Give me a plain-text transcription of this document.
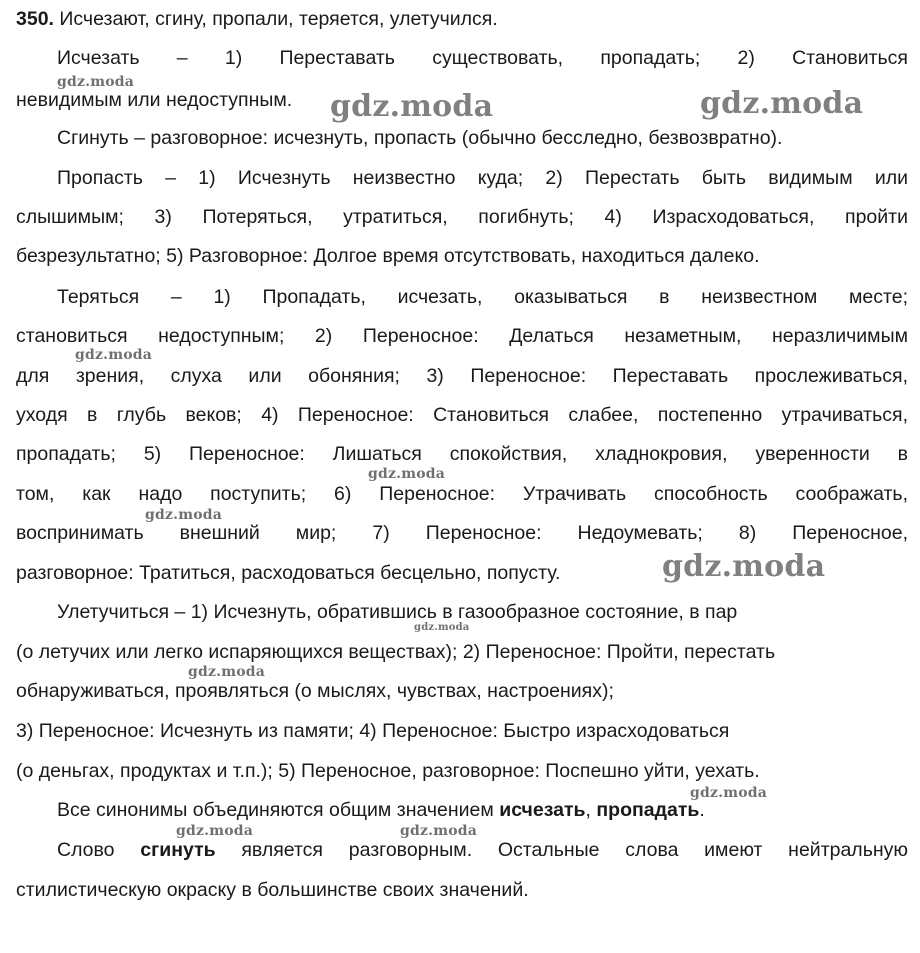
350. Исчезают, сгину, пропали, теряется, улетучился.
Исчезать – 1) Переставать существовать, пропадать; 2) Становиться
невидимым или недоступным.
Сгинуть – разговорное: исчезнуть, пропасть (обычно бесследно, безвозвратно).
Пропасть – 1) Исчезнуть неизвестно куда; 2) Перестать быть видимым или
слышимым; 3) Потеряться, утратиться, погибнуть; 4) Израсходоваться, пройти
безрезультатно; 5) Разговорное: Долгое время отсутствовать, находиться далеко.
Теряться – 1) Пропадать, исчезать, оказываться в неизвестном месте;
становиться недоступным; 2) Переносное: Делаться незаметным, неразличимым
для зрения, слуха или обоняния; 3) Переносное: Переставать прослеживаться,
уходя в глубь веков; 4) Переносное: Становиться слабее, постепенно утрачиваться,
пропадать; 5) Переносное: Лишаться спокойствия, хладнокровия, уверенности в
том, как надо поступить; 6) Переносное: Утрачивать способность соображать,
воспринимать внешний мир; 7) Переносное: Недоумевать; 8) Переносное,
разговорное: Тратиться, расходоваться бесцельно, попусту.
Улетучиться – 1) Исчезнуть, обратившись в газообразное состояние, в пар
(о летучих или легко испаряющихся веществах); 2) Переносное: Пройти, перестать
обнаруживаться, проявляться (о мыслях, чувствах, настроениях);
3) Переносное: Исчезнуть из памяти; 4) Переносное: Быстро израсходоваться
(о деньгах, продуктах и т.п.); 5) Переносное, разговорное: Поспешно уйти, уехать.
Все синонимы объединяются общим значением исчезать, пропадать.
Слово сгинуть является разговорным. Остальные слова имеют нейтральную
стилистическую окраску в большинстве своих значений.
gdz.moda
gdz.moda	gdz.moda
gdz.moda
gdz.moda
gdz.moda
gdz.moda
gdz.moda
gdz.moda
gdz.moda
gdz.moda	gdz.moda
